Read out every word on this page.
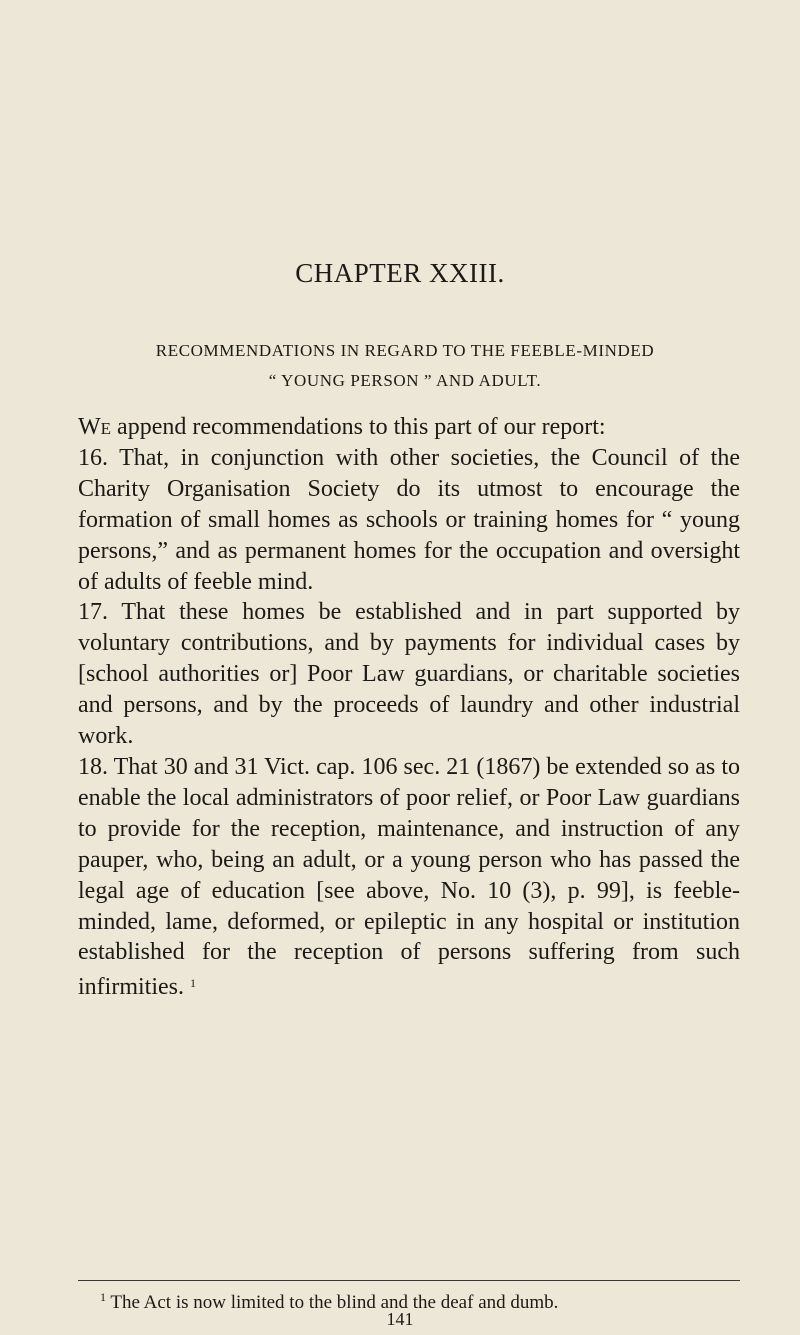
CHAPTER XXIII.
RECOMMENDATIONS IN REGARD TO THE FEEBLE-MINDED
“ YOUNG PERSON ” AND ADULT.

We append recommendations to this part of our report:

16. That, in conjunction with other societies, the Council of the Charity Organisation Society do its utmost to encourage the formation of small homes as schools or training homes for “ young persons,” and as permanent homes for the occupation and oversight of adults of feeble mind.

17. That these homes be established and in part supported by voluntary contributions, and by payments for individual cases by [school authorities or] Poor Law guardians, or charitable societies and persons, and by the proceeds of laundry and other industrial work.

18. That 30 and 31 Vict. cap. 106 sec. 21 (1867) be extended so as to enable the local administrators of poor relief, or Poor Law guardians to provide for the reception, maintenance, and instruction of any pauper, who, being an adult, or a young person who has passed the legal age of education [see above, No. 10 (3), p. 99], is feeble-minded, lame, deformed, or epileptic in any hospital or institution established for the reception of persons suffering from such infirmities. $^1$

$^1$ The Act is now limited to the blind and the deaf and dumb.
141
